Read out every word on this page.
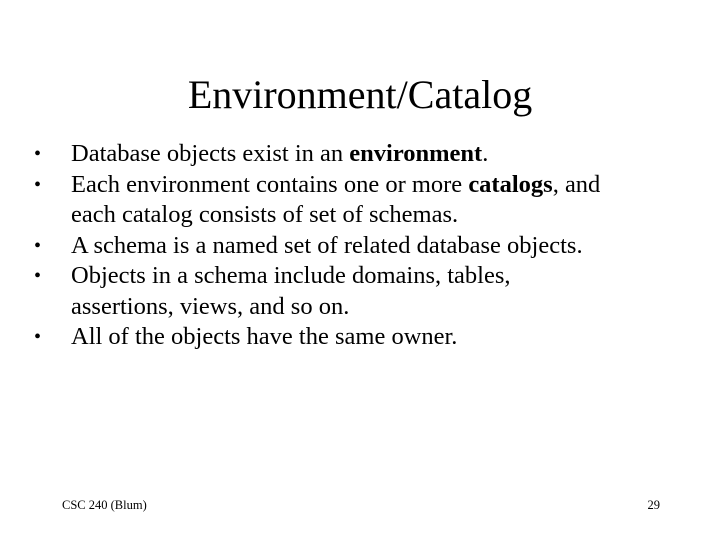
Environment/Catalog
•	Database objects exist in an environment.
•	Each environment contains one or more catalogs, and
each catalog consists of set of schemas.
•	A schema is a named set of related database objects.
•	Objects in a schema include domains, tables,
assertions, views, and so on.
•	All of the objects have the same owner.
CSC 240 (Blum)	29
